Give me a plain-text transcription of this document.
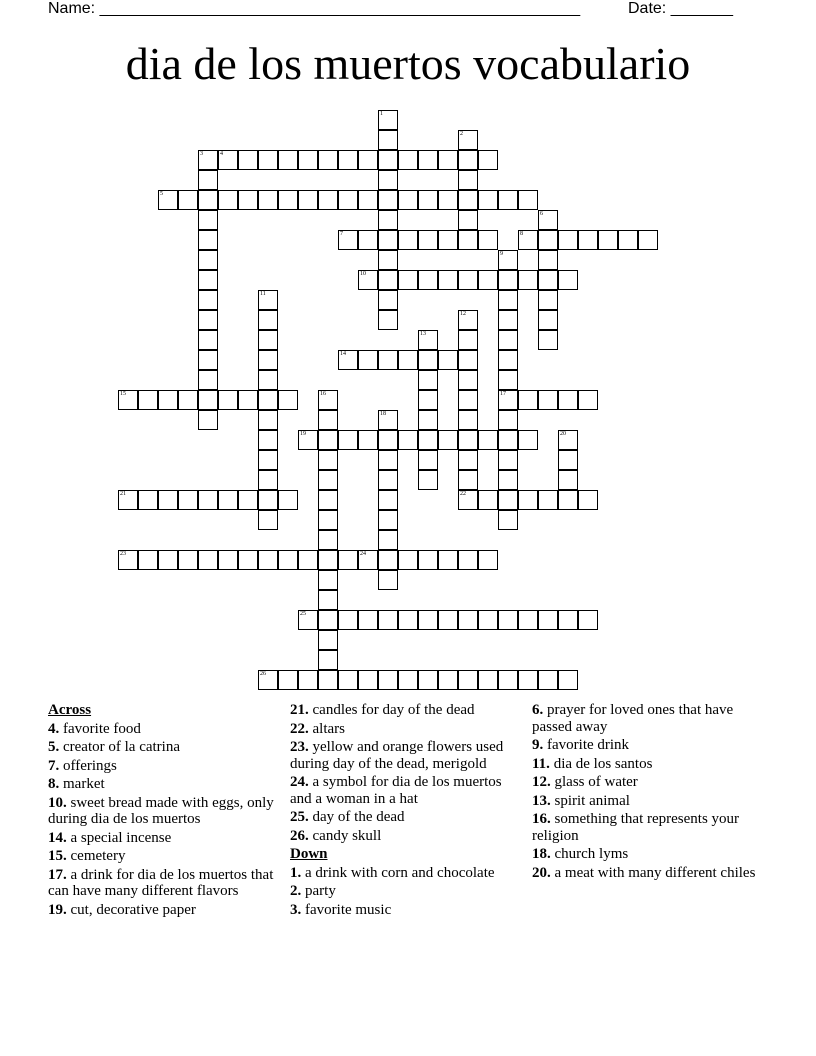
Name: ______________________________________________________	Date: _______
dia de los muertos vocabulario
1
2
3	4
5
6
7	8
9
17
10
11
12
22
13
14
15	16
18
19	20
21
23	24
25
26
Across
4. favorite food
5. creator of la catrina
7. offerings
8. market
10. sweet bread made with eggs, only during dia de los muertos
14. a special incense
15. cemetery
17. a drink for dia de los muertos that can have many different flavors
19. cut, decorative paper
21. candles for day of the dead
22. altars
23. yellow and orange flowers used during day of the dead, merigold
24. a symbol for dia de los muertos and a woman in a hat
25. day of the dead
26. candy skull
Down
1. a drink with corn and chocolate
2. party
3. favorite music
6. prayer for loved ones that have passed away
9. favorite drink
11. dia de los santos
12. glass of water
13. spirit animal
16. something that represents your religion
18. church lyms
20. a meat with many different chiles
